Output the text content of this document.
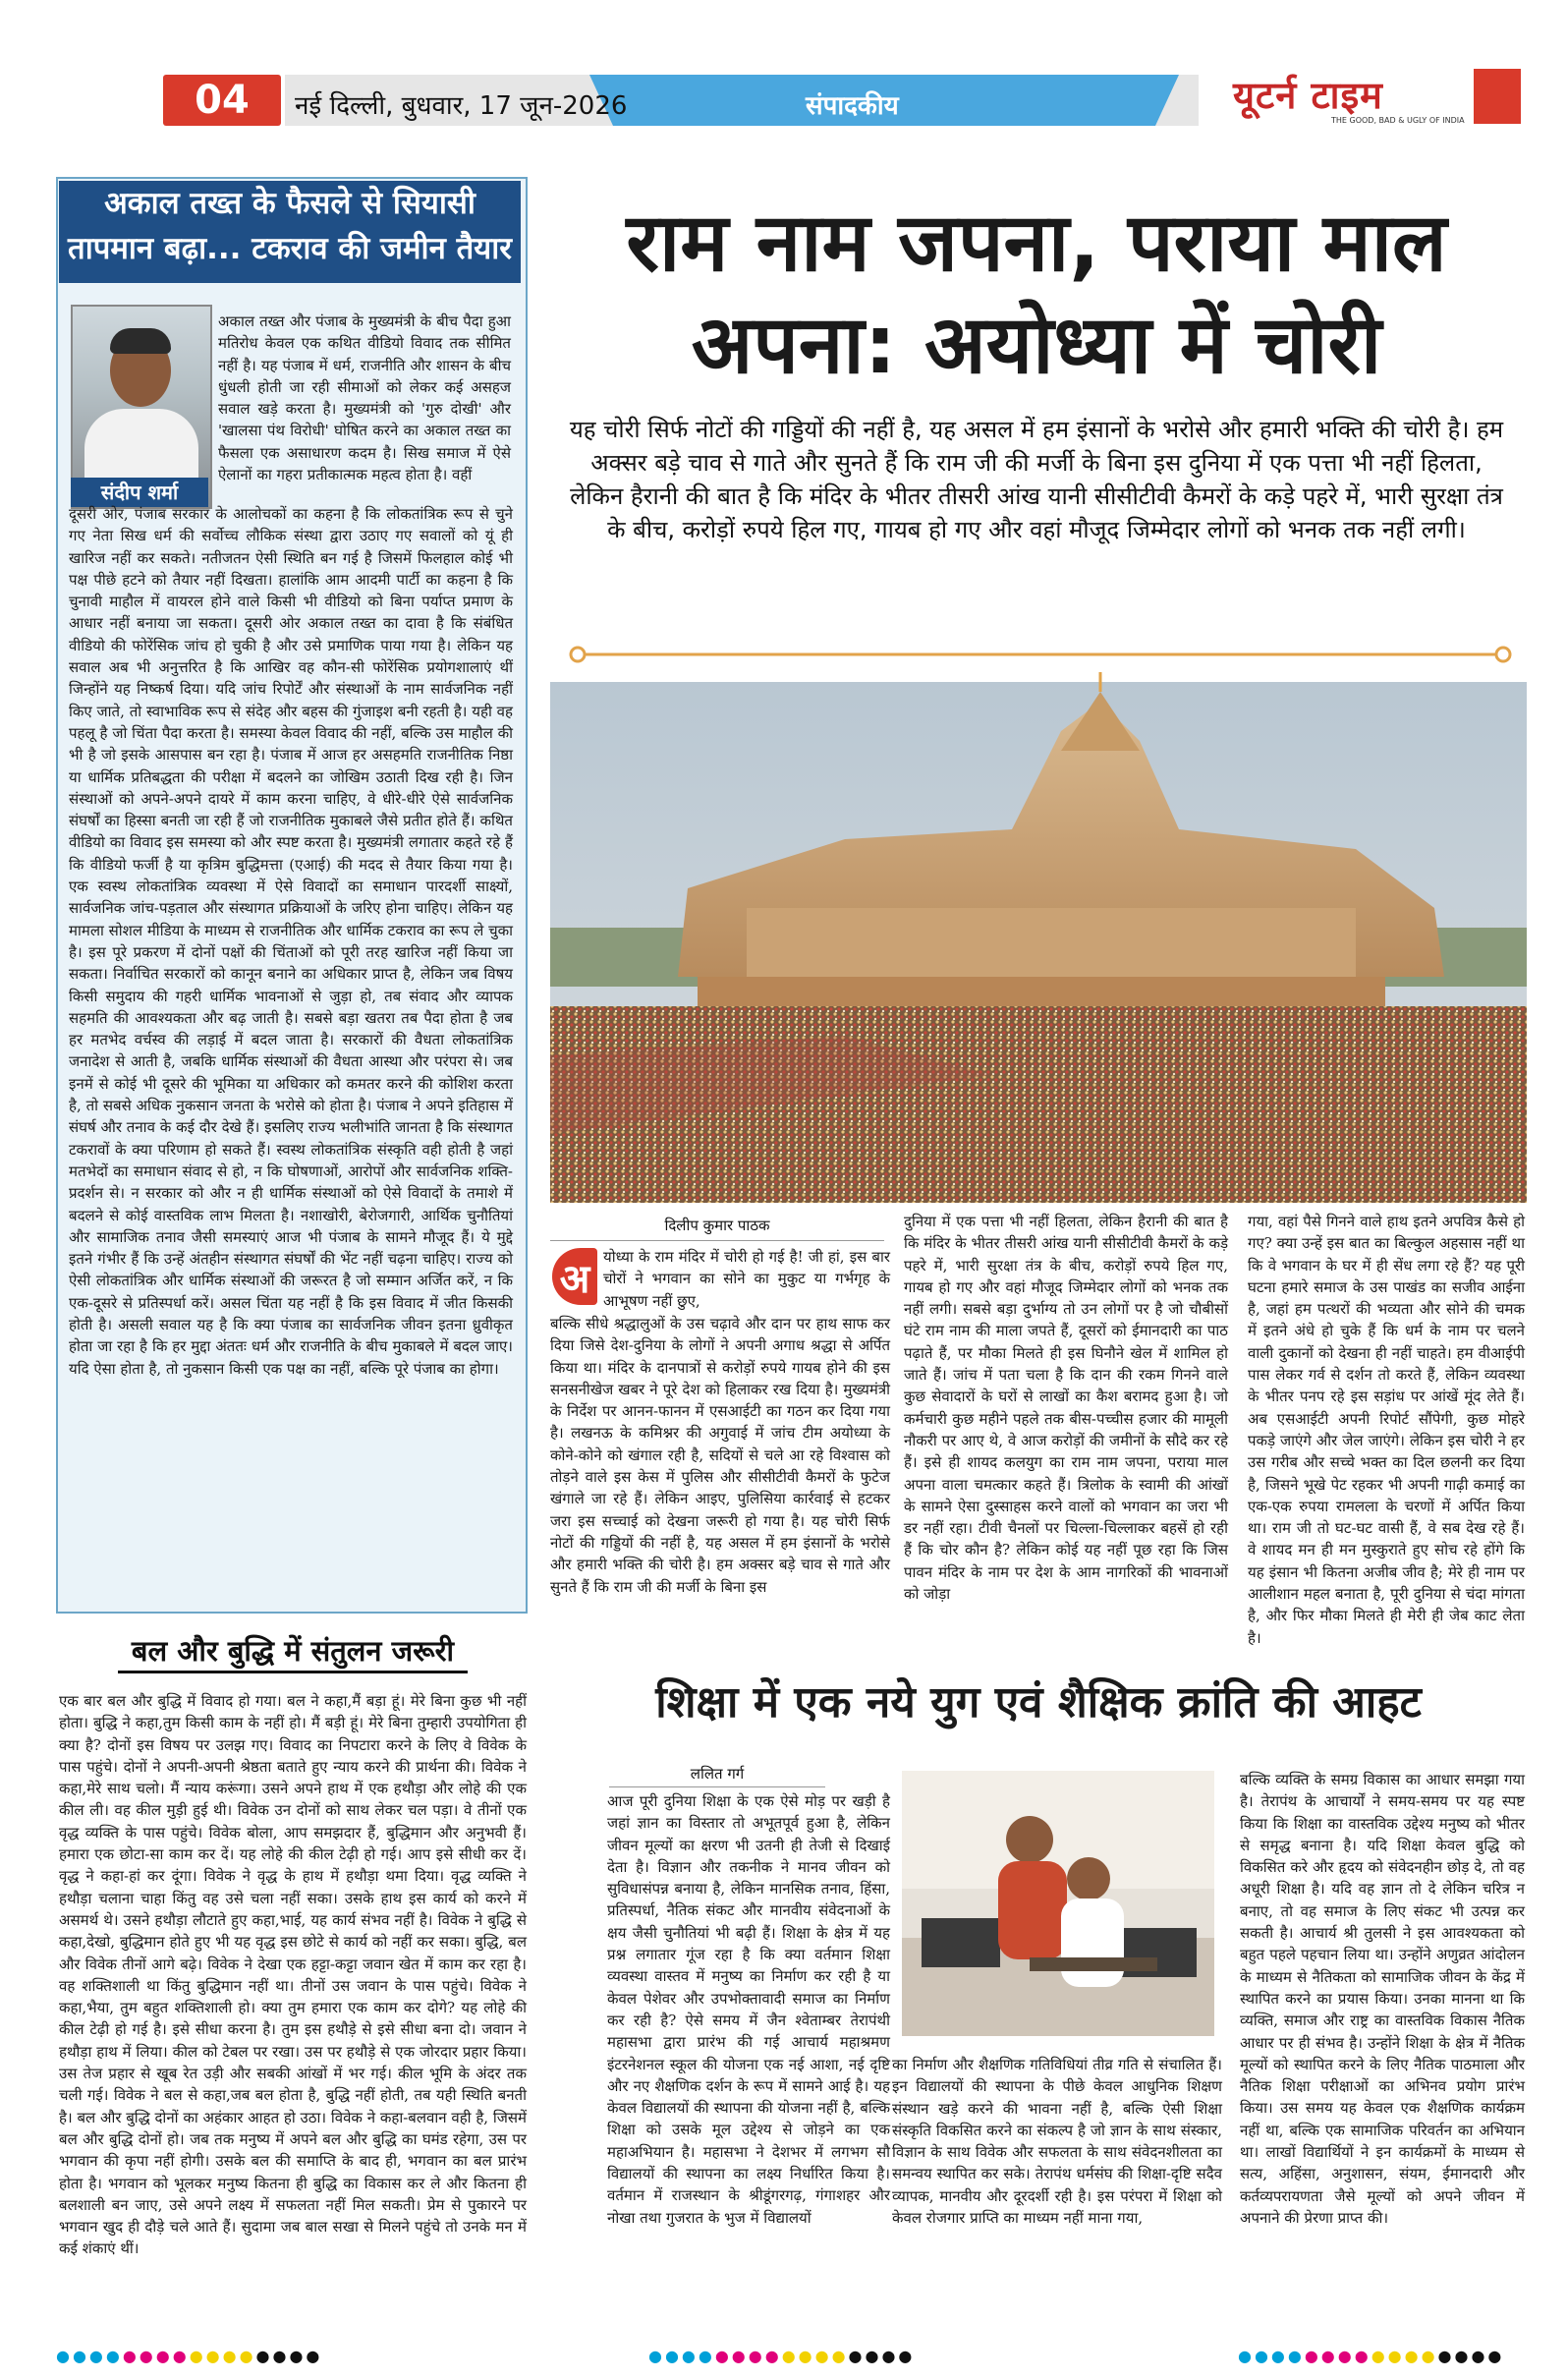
04	नई दिल्ली, बुधवार, 17 जून-2026	संपादकीय	यूटर्न टाइम
THE GOOD, BAD & UGLY OF INDIA
अकाल तख्त के फैसले से सियासी तापमान बढ़ा... टकराव की जमीन तैयार
संदीप शर्मा
अकाल तख्त और पंजाब के मुख्यमंत्री के बीच पैदा हुआ मतिरोध केवल एक कथित वीडियो विवाद तक सीमित नहीं है। यह पंजाब में धर्म, राजनीति और शासन के बीच धुंधली होती जा रही सीमाओं को लेकर कई असहज सवाल खड़े करता है। मुख्यमंत्री को 'गुरु दोखी' और 'खालसा पंथ विरोधी' घोषित करने का अकाल तख्त का फैसला एक असाधारण कदम है। सिख समाज में ऐसे ऐलानों का गहरा प्रतीकात्मक महत्व होता है। वहीं
दूसरी ओर, पंजाब सरकार के आलोचकों का कहना है कि लोकतांत्रिक रूप से चुने गए नेता सिख धर्म की सर्वोच्च लौकिक संस्था द्वारा उठाए गए सवालों को यूं ही खारिज नहीं कर सकते। नतीजतन ऐसी स्थिति बन गई है जिसमें फिलहाल कोई भी पक्ष पीछे हटने को तैयार नहीं दिखता। हालांकि आम आदमी पार्टी का कहना है कि चुनावी माहौल में वायरल होने वाले किसी भी वीडियो को बिना पर्याप्त प्रमाण के आधार नहीं बनाया जा सकता। दूसरी ओर अकाल तख्त का दावा है कि संबंधित वीडियो की फोरेंसिक जांच हो चुकी है और उसे प्रमाणिक पाया गया है। लेकिन यह सवाल अब भी अनुत्तरित है कि आखिर वह कौन-सी फोरेंसिक प्रयोगशालाएं थीं जिन्होंने यह निष्कर्ष दिया। यदि जांच रिपोर्टें और संस्थाओं के नाम सार्वजनिक नहीं किए जाते, तो स्वाभाविक रूप से संदेह और बहस की गुंजाइश बनी रहती है। यही वह पहलू है जो चिंता पैदा करता है। समस्या केवल विवाद की नहीं, बल्कि उस माहौल की भी है जो इसके आसपास बन रहा है। पंजाब में आज हर असहमति राजनीतिक निष्ठा या धार्मिक प्रतिबद्धता की परीक्षा में बदलने का जोखिम उठाती दिख रही है। जिन संस्थाओं को अपने-अपने दायरे में काम करना चाहिए, वे धीरे-धीरे ऐसे सार्वजनिक संघर्षों का हिस्सा बनती जा रही हैं जो राजनीतिक मुकाबले जैसे प्रतीत होते हैं। कथित वीडियो का विवाद इस समस्या को और स्पष्ट करता है। मुख्यमंत्री लगातार कहते रहे हैं कि वीडियो फर्जी है या कृत्रिम बुद्धिमत्ता (एआई) की मदद से तैयार किया गया है। एक स्वस्थ लोकतांत्रिक व्यवस्था में ऐसे विवादों का समाधान पारदर्शी साक्ष्यों, सार्वजनिक जांच-पड़ताल और संस्थागत प्रक्रियाओं के जरिए होना चाहिए। लेकिन यह मामला सोशल मीडिया के माध्यम से राजनीतिक और धार्मिक टकराव का रूप ले चुका है। इस पूरे प्रकरण में दोनों पक्षों की चिंताओं को पूरी तरह खारिज नहीं किया जा सकता। निर्वाचित सरकारों को कानून बनाने का अधिकार प्राप्त है, लेकिन जब विषय किसी समुदाय की गहरी धार्मिक भावनाओं से जुड़ा हो, तब संवाद और व्यापक सहमति की आवश्यकता और बढ़ जाती है। सबसे बड़ा खतरा तब पैदा होता है जब हर मतभेद वर्चस्व की लड़ाई में बदल जाता है। सरकारों की वैधता लोकतांत्रिक जनादेश से आती है, जबकि धार्मिक संस्थाओं की वैधता आस्था और परंपरा से। जब इनमें से कोई भी दूसरे की भूमिका या अधिकार को कमतर करने की कोशिश करता है, तो सबसे अधिक नुकसान जनता के भरोसे को होता है। पंजाब ने अपने इतिहास में संघर्ष और तनाव के कई दौर देखे हैं। इसलिए राज्य भलीभांति जानता है कि संस्थागत टकरावों के क्या परिणाम हो सकते हैं। स्वस्थ लोकतांत्रिक संस्कृति वही होती है जहां मतभेदों का समाधान संवाद से हो, न कि घोषणाओं, आरोपों और सार्वजनिक शक्ति-प्रदर्शन से। न सरकार को और न ही धार्मिक संस्थाओं को ऐसे विवादों के तमाशे में बदलने से कोई वास्तविक लाभ मिलता है। नशाखोरी, बेरोजगारी, आर्थिक चुनौतियां और सामाजिक तनाव जैसी समस्याएं आज भी पंजाब के सामने मौजूद हैं। ये मुद्दे इतने गंभीर हैं कि उन्हें अंतहीन संस्थागत संघर्षों की भेंट नहीं चढ़ना चाहिए। राज्य को ऐसी लोकतांत्रिक और धार्मिक संस्थाओं की जरूरत है जो सम्मान अर्जित करें, न कि एक-दूसरे से प्रतिस्पर्धा करें। असल चिंता यह नहीं है कि इस विवाद में जीत किसकी होती है। असली सवाल यह है कि क्या पंजाब का सार्वजनिक जीवन इतना ध्रुवीकृत होता जा रहा है कि हर मुद्दा अंततः धर्म और राजनीति के बीच मुकाबले में बदल जाए। यदि ऐसा होता है, तो नुकसान किसी एक पक्ष का नहीं, बल्कि पूरे पंजाब का होगा।
बल और बुद्धि में संतुलन जरूरी
एक बार बल और बुद्धि में विवाद हो गया। बल ने कहा,मैं बड़ा हूं। मेरे बिना कुछ भी नहीं होता। बुद्धि ने कहा,तुम किसी काम के नहीं हो। मैं बड़ी हूं। मेरे बिना तुम्हारी उपयोगिता ही क्या है? दोनों इस विषय पर उलझ गए। विवाद का निपटारा करने के लिए वे विवेक के पास पहुंचे। दोनों ने अपनी-अपनी श्रेष्ठता बताते हुए न्याय करने की प्रार्थना की। विवेक ने कहा,मेरे साथ चलो। मैं न्याय करूंगा। उसने अपने हाथ में एक हथौड़ा और लोहे की एक कील ली। वह कील मुड़ी हुई थी। विवेक उन दोनों को साथ लेकर चल पड़ा। वे तीनों एक वृद्ध व्यक्ति के पास पहुंचे। विवेक बोला, आप समझदार हैं, बुद्धिमान और अनुभवी हैं। हमारा एक छोटा-सा काम कर दें। यह लोहे की कील टेढ़ी हो गई। आप इसे सीधी कर दें। वृद्ध ने कहा-हां कर दूंगा। विवेक ने वृद्ध के हाथ में हथौड़ा थमा दिया। वृद्ध व्यक्ति ने हथौड़ा चलाना चाहा किंतु वह उसे चला नहीं सका। उसके हाथ इस कार्य को करने में असमर्थ थे। उसने हथौड़ा लौटाते हुए कहा,भाई, यह कार्य संभव नहीं है। विवेक ने बुद्धि से कहा,देखो, बुद्धिमान होते हुए भी यह वृद्ध इस छोटे से कार्य को नहीं कर सका। बुद्धि, बल और विवेक तीनों आगे बढ़े। विवेक ने देखा एक हट्टा-कट्टा जवान खेत में काम कर रहा है। वह शक्तिशाली था किंतु बुद्धिमान नहीं था। तीनों उस जवान के पास पहुंचे। विवेक ने कहा,भैया, तुम बहुत शक्तिशाली हो। क्या तुम हमारा एक काम कर दोगे? यह लोहे की कील टेढ़ी हो गई है। इसे सीधा करना है। तुम इस हथौड़े से इसे सीधा बना दो। जवान ने हथौड़ा हाथ में लिया। कील को टेबल पर रखा। उस पर हथौड़े से एक जोरदार प्रहार किया। उस तेज प्रहार से खूब रेत उड़ी और सबकी आंखों में भर गई। कील भूमि के अंदर तक चली गई। विवेक ने बल से कहा,जब बल होता है, बुद्धि नहीं होती, तब यही स्थिति बनती है। बल और बुद्धि दोनों का अहंकार आहत हो उठा। विवेक ने कहा-बलवान वही है, जिसमें बल और बुद्धि दोनों हो। जब तक मनुष्य में अपने बल और बुद्धि का घमंड रहेगा, उस पर भगवान की कृपा नहीं होगी। उसके बल की समाप्ति के बाद ही, भगवान का बल प्रारंभ होता है। भगवान को भूलकर मनुष्य कितना ही बुद्धि का विकास कर ले और कितना ही बलशाली बन जाए, उसे अपने लक्ष्य में सफलता नहीं मिल सकती। प्रेम से पुकारने पर भगवान खुद ही दौड़े चले आते हैं। सुदामा जब बाल सखा से मिलने पहुंचे तो उनके मन में कई शंकाएं थीं।
राम नाम जपना, पराया माल
अपना: अयोध्या में चोरी
यह चोरी सिर्फ नोटों की गड्डियों की नहीं है, यह असल में हम इंसानों के भरोसे और हमारी भक्ति की चोरी है। हम अक्सर बड़े चाव से गाते और सुनते हैं कि राम जी की मर्जी के बिना इस दुनिया में एक पत्ता भी नहीं हिलता, लेकिन हैरानी की बात है कि मंदिर के भीतर तीसरी आंख यानी सीसीटीवी कैमरों के कड़े पहरे में, भारी सुरक्षा तंत्र के बीच, करोड़ों रुपये हिल गए, गायब हो गए और वहां मौजूद जिम्मेदार लोगों को भनक तक नहीं लगी।
दिलीप कुमार पाठक
अ योध्या के राम मंदिर में चोरी हो गई है! जी हां, इस बार चोरों ने भगवान का सोने का मुकुट या गर्भगृह के आभूषण नहीं छुए,
बल्कि सीधे श्रद्धालुओं के उस चढ़ावे और दान पर हाथ साफ कर दिया जिसे देश-दुनिया के लोगों ने अपनी अगाध श्रद्धा से अर्पित किया था। मंदिर के दानपात्रों से करोड़ों रुपये गायब होने की इस सनसनीखेज खबर ने पूरे देश को हिलाकर रख दिया है। मुख्यमंत्री के निर्देश पर आनन-फानन में एसआईटी का गठन कर दिया गया है। लखनऊ के कमिश्नर की अगुवाई में जांच टीम अयोध्या के कोने-कोने को खंगाल रही है, सदियों से चले आ रहे विश्वास को तोड़ने वाले इस केस में पुलिस और सीसीटीवी कैमरों के फुटेज खंगाले जा रहे हैं। लेकिन आइए, पुलिसिया कार्रवाई से हटकर जरा इस सच्चाई को देखना जरूरी हो गया है। यह चोरी सिर्फ नोटों की गड्डियों की नहीं है, यह असल में हम इंसानों के भरोसे और हमारी भक्ति की चोरी है। हम अक्सर बड़े चाव से गाते और सुनते हैं कि राम जी की मर्जी के बिना इस
दुनिया में एक पत्ता भी नहीं हिलता, लेकिन हैरानी की बात है कि मंदिर के भीतर तीसरी आंख यानी सीसीटीवी कैमरों के कड़े पहरे में, भारी सुरक्षा तंत्र के बीच, करोड़ों रुपये हिल गए, गायब हो गए और वहां मौजूद जिम्मेदार लोगों को भनक तक नहीं लगी। सबसे बड़ा दुर्भाग्य तो उन लोगों पर है जो चौबीसों घंटे राम नाम की माला जपते हैं, दूसरों को ईमानदारी का पाठ पढ़ाते हैं, पर मौका मिलते ही इस घिनौने खेल में शामिल हो जाते हैं। जांच में पता चला है कि दान की रकम गिनने वाले कुछ सेवादारों के घरों से लाखों का कैश बरामद हुआ है। जो कर्मचारी कुछ महीने पहले तक बीस-पच्चीस हजार की मामूली नौकरी पर आए थे, वे आज करोड़ों की जमीनों के सौदे कर रहे हैं। इसे ही शायद कलयुग का राम नाम जपना, पराया माल अपना वाला चमत्कार कहते हैं। त्रिलोक के स्वामी की आंखों के सामने ऐसा दुस्साहस करने वालों को भगवान का जरा भी डर नहीं रहा। टीवी चैनलों पर चिल्ला-चिल्लाकर बहसें हो रही हैं कि चोर कौन है? लेकिन कोई यह नहीं पूछ रहा कि जिस पावन मंदिर के नाम पर देश के आम नागरिकों की भावनाओं को जोड़ा
गया, वहां पैसे गिनने वाले हाथ इतने अपवित्र कैसे हो गए? क्या उन्हें इस बात का बिल्कुल अहसास नहीं था कि वे भगवान के घर में ही सेंध लगा रहे हैं? यह पूरी घटना हमारे समाज के उस पाखंड का सजीव आईना है, जहां हम पत्थरों की भव्यता और सोने की चमक में इतने अंधे हो चुके हैं कि धर्म के नाम पर चलने वाली दुकानों को देखना ही नहीं चाहते। हम वीआईपी पास लेकर गर्व से दर्शन तो करते हैं, लेकिन व्यवस्था के भीतर पनप रहे इस सड़ांध पर आंखें मूंद लेते हैं। अब एसआईटी अपनी रिपोर्ट सौंपेगी, कुछ मोहरे पकड़े जाएंगे और जेल जाएंगे। लेकिन इस चोरी ने हर उस गरीब और सच्चे भक्त का दिल छलनी कर दिया है, जिसने भूखे पेट रहकर भी अपनी गाढ़ी कमाई का एक-एक रुपया रामलला के चरणों में अर्पित किया था। राम जी तो घट-घट वासी हैं, वे सब देख रहे हैं। वे शायद मन ही मन मुस्कुराते हुए सोच रहे होंगे कि यह इंसान भी कितना अजीब जीव है; मेरे ही नाम पर आलीशान महल बनाता है, पूरी दुनिया से चंदा मांगता है, और फिर मौका मिलते ही मेरी ही जेब काट लेता है।
शिक्षा में एक नये युग एवं शैक्षिक क्रांति की आहट
ललित गर्ग
आज पूरी दुनिया शिक्षा के एक ऐसे मोड़ पर खड़ी है जहां ज्ञान का विस्तार तो अभूतपूर्व हुआ है, लेकिन जीवन मूल्यों का क्षरण भी उतनी ही तेजी से दिखाई देता है। विज्ञान और तकनीक ने मानव जीवन को सुविधासंपन्न बनाया है, लेकिन मानसिक तनाव, हिंसा, प्रतिस्पर्धा, नैतिक संकट और मानवीय संवेदनाओं के क्षय जैसी चुनौतियां भी बढ़ी हैं। शिक्षा के क्षेत्र में यह प्रश्न लगातार गूंज रहा है कि क्या वर्तमान शिक्षा व्यवस्था वास्तव में मनुष्य का निर्माण कर रही है या केवल पेशेवर और उपभोक्तावादी समाज का निर्माण कर रही है? ऐसे समय में जैन श्वेताम्बर तेरापंथी महासभा द्वारा प्रारंभ की गई आचार्य महाश्रमण इंटरनेशनल स्कूल की योजना एक नई आशा, नई दृष्टि और नए शैक्षणिक दर्शन के रूप में सामने आई है। यह केवल विद्यालयों की स्थापना की योजना नहीं है, बल्कि शिक्षा को उसके मूल उद्देश्य से जोड़ने का एक महाअभियान है। महासभा ने देशभर में लगभग सौ विद्यालयों की स्थापना का लक्ष्य निर्धारित किया है। वर्तमान में राजस्थान के श्रीडूंगरगढ़, गंगाशहर और नोखा तथा गुजरात के भुज में विद्यालयों
का निर्माण और शैक्षणिक गतिविधियां तीव्र गति से संचालित हैं। इन विद्यालयों की स्थापना के पीछे केवल आधुनिक शिक्षण संस्थान खड़े करने की भावना नहीं है, बल्कि ऐसी शिक्षा संस्कृति विकसित करने का संकल्प है जो ज्ञान के साथ संस्कार, विज्ञान के साथ विवेक और सफलता के साथ संवेदनशीलता का समन्वय स्थापित कर सके। तेरापंथ धर्मसंघ की शिक्षा-दृष्टि सदैव व्यापक, मानवीय और दूरदर्शी रही है। इस परंपरा में शिक्षा को केवल रोजगार प्राप्ति का माध्यम नहीं माना गया,
बल्कि व्यक्ति के समग्र विकास का आधार समझा गया है। तेरापंथ के आचार्यों ने समय-समय पर यह स्पष्ट किया कि शिक्षा का वास्तविक उद्देश्य मनुष्य को भीतर से समृद्ध बनाना है। यदि शिक्षा केवल बुद्धि को विकसित करे और हृदय को संवेदनहीन छोड़ दे, तो वह अधूरी शिक्षा है। यदि वह ज्ञान तो दे लेकिन चरित्र न बनाए, तो वह समाज के लिए संकट भी उत्पन्न कर सकती है। आचार्य श्री तुलसी ने इस आवश्यकता को बहुत पहले पहचान लिया था। उन्होंने अणुव्रत आंदोलन के माध्यम से नैतिकता को सामाजिक जीवन के केंद्र में स्थापित करने का प्रयास किया। उनका मानना था कि व्यक्ति, समाज और राष्ट्र का वास्तविक विकास नैतिक आधार पर ही संभव है। उन्होंने शिक्षा के क्षेत्र में नैतिक मूल्यों को स्थापित करने के लिए नैतिक पाठमाला और नैतिक शिक्षा परीक्षाओं का अभिनव प्रयोग प्रारंभ किया। उस समय यह केवल एक शैक्षणिक कार्यक्रम नहीं था, बल्कि एक सामाजिक परिवर्तन का अभियान था। लाखों विद्यार्थियों ने इन कार्यक्रमों के माध्यम से सत्य, अहिंसा, अनुशासन, संयम, ईमानदारी और कर्तव्यपरायणता जैसे मूल्यों को अपने जीवन में अपनाने की प्रेरणा प्राप्त की।
●●●●●●●●●●●●●●●●	●●●●●●●●●●●●●●●●	●●●●●●●●●●●●●●●●
